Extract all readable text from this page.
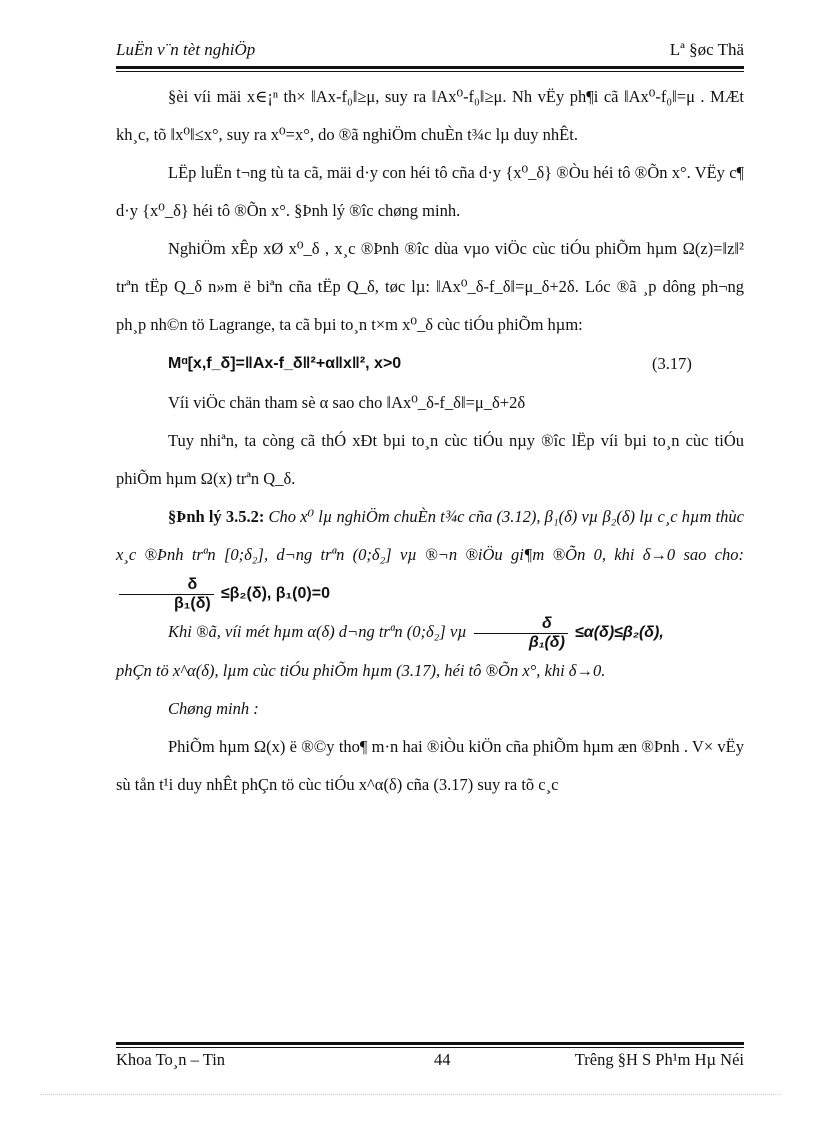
LuËn v¨n tèt nghiÖp	Lª §øc Thä

§èi víi mäi x∈¡ⁿ th× ‖Ax-f₀‖≥μ, suy ra ‖Ax⁰-f₀‖≥μ. Nh vËy ph¶i cã ‖Ax⁰-f₀‖=μ . MÆt kh¸c, tõ ‖x⁰‖≤x°, suy ra x⁰=x°, do ®ã nghiÖm chuÈn t¾c lµ duy nhÊt.

LËp luËn t¬ng tù ta cã, mäi d·y con héi tô cña d·y {x⁰_δ} ®Òu héi tô ®Õn x°. VËy c¶ d·y {x⁰_δ} héi tô ®Õn x°. §Þnh lý ®îc chøng minh.

NghiÖm xÊp xØ x⁰_δ , x¸c ®Þnh ®îc dùa vµo viÖc cùc tiÓu phiÕm hµm Ω(z)=‖z‖² trªn tËp Q_δ n»m ë biªn cña tËp Q_δ, tøc lµ: ‖Ax⁰_δ-f_δ‖=μ_δ+2δ. Lóc ®ã ¸p dông ph¬ng ph¸p nh©n tö Lagrange, ta cã bµi to¸n t×m x⁰_δ cùc tiÓu phiÕm hµm:

Mᵅ[x,f_δ]=‖Ax-f_δ‖²+α‖x‖², x>0	(3.17)

Víi viÖc chän tham sè α sao cho ‖Ax⁰_δ-f_δ‖=μ_δ+2δ

Tuy nhiªn, ta còng cã thÓ xÐt bµi to¸n cùc tiÓu nµy ®îc lËp víi bµi to¸n cùc tiÓu phiÕm hµm Ω(x) trªn Q_δ.

§Þnh lý 3.5.2: Cho x⁰ lµ nghiÖm chuÈn t¾c cña (3.12), β₁(δ) vµ β₂(δ) lµ c¸c hµm thùc x¸c ®Þnh trªn [0;δ₂], d¬ng trªn (0;δ₂] vµ ®¬n ®iÖu gi¶m ®Õn 0, khi δ→0 sao cho:
$\frac{\delta}{\text{β₁(δ)}} \le\beta_2(\delta)$, β₁(0)=0

Khi ®ã, víi mét hµm α(δ) d¬ng trªn (0;δ₂] vµ $\frac{\delta}{\text{β₁(δ)}} \le\alpha(\delta)\le\beta_2(\delta)$,

phÇn tö x^α(δ), lµm cùc tiÓu phiÕm hµm (3.17), héi tô ®Õn x°, khi δ→0.

Chøng minh :

PhiÕm hµm Ω(x) ë ®©y tho¶ m·n hai ®iÒu kiÖn cña phiÕm hµm æn ®Þnh . V× vËy sù tån t¹i duy nhÊt phÇn tö cùc tiÓu x^α(δ) cña (3.17) suy ra tõ c¸c

Khoa To¸n – Tin	44	Trêng §H S Ph¹m Hµ Néi
